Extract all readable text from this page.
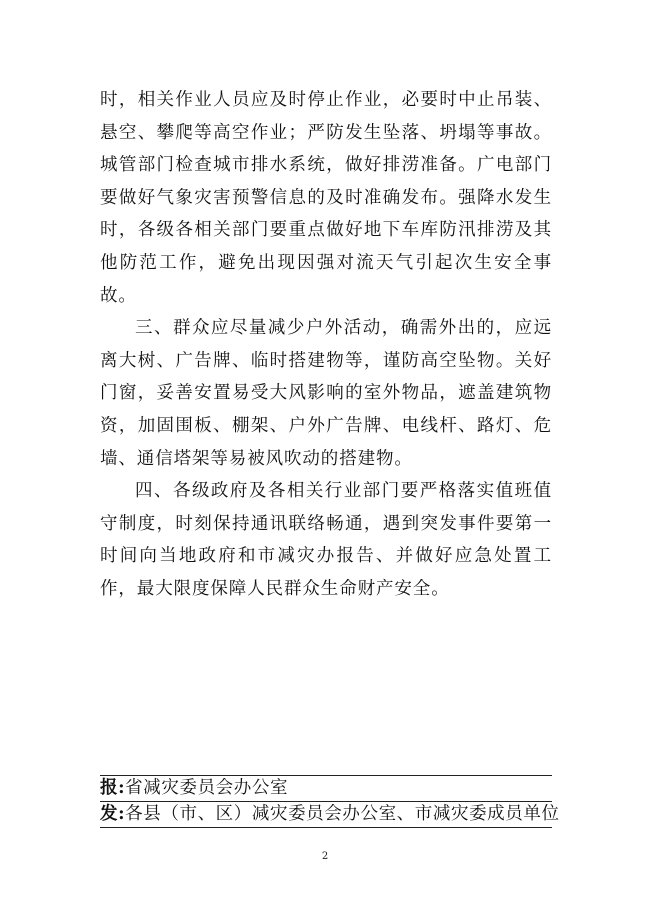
时，相关作业人员应及时停止作业，必要时中止吊装、悬空、攀爬等高空作业；严防发生坠落、坍塌等事故。城管部门检查城市排水系统，做好排涝准备。广电部门要做好气象灾害预警信息的及时准确发布。强降水发生时，各级各相关部门要重点做好地下车库防汛排涝及其他防范工作，避免出现因强对流天气引起次生安全事故。

三、群众应尽量减少户外活动，确需外出的，应远离大树、广告牌、临时搭建物等，谨防高空坠物。关好门窗，妥善安置易受大风影响的室外物品，遮盖建筑物资，加固围板、棚架、户外广告牌、电线杆、路灯、危墙、通信塔架等易被风吹动的搭建物。

四、各级政府及各相关行业部门要严格落实值班值守制度，时刻保持通讯联络畅通，遇到突发事件要第一时间向当地政府和市减灾办报告、并做好应急处置工作，最大限度保障人民群众生命财产安全。

报:省减灾委员会办公室
发:各县（市、区）减灾委员会办公室、市减灾委成员单位
2
